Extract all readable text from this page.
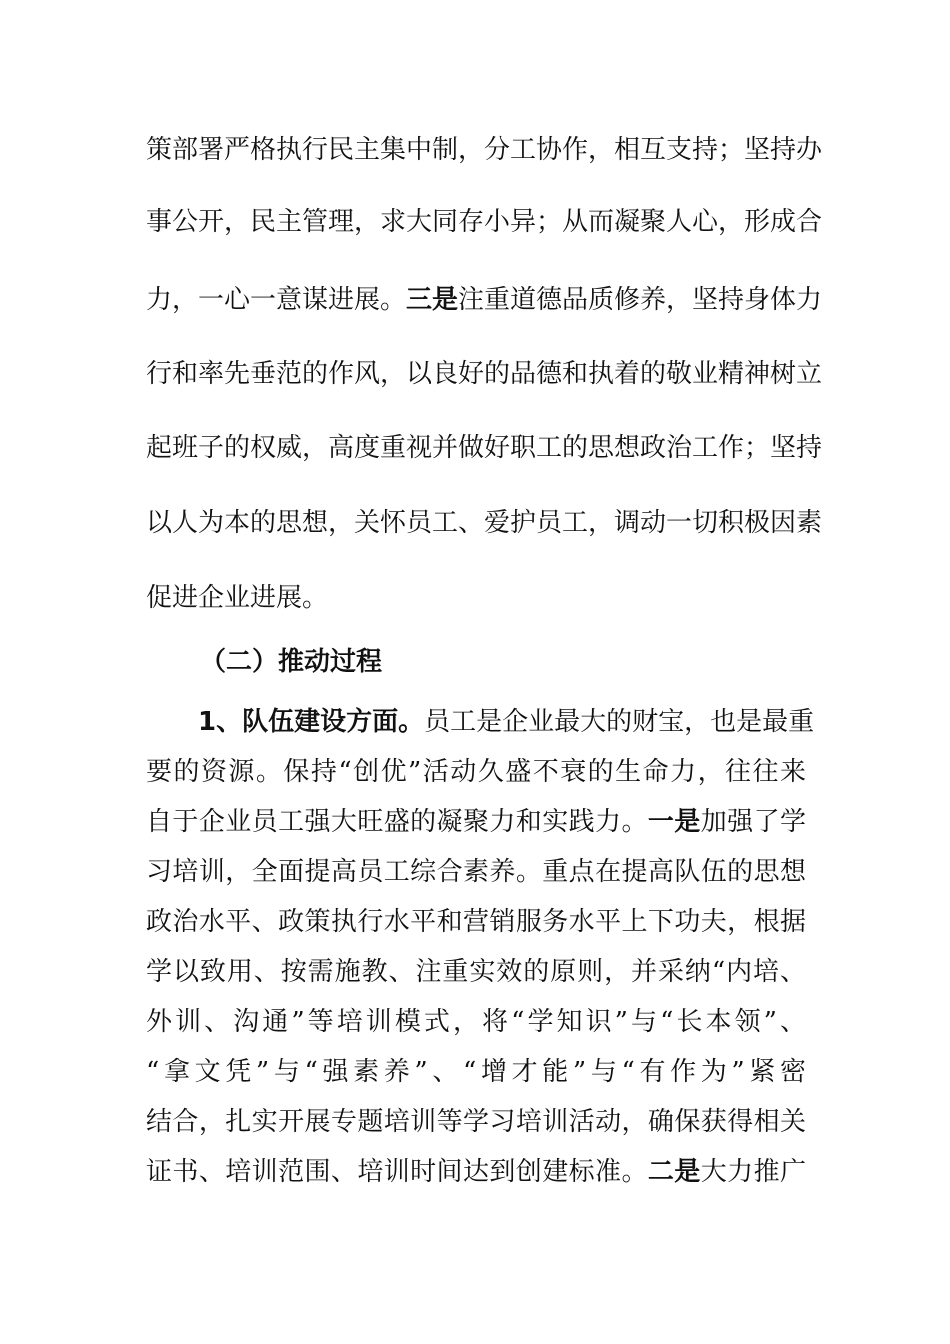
策部署严格执行民主集中制，分工协作，相互支持；坚持办
事公开，民主管理，求大同存小异；从而凝聚人心，形成合
力，一心一意谋进展。三是注重道德品质修养，坚持身体力
行和率先垂范的作风，以良好的品德和执着的敬业精神树立
起班子的权威，高度重视并做好职工的思想政治工作；坚持
以人为本的思想，关怀员工、爱护员工，调动一切积极因素
促进企业进展。
（二）推动过程
1、队伍建设方面。员工是企业最大的财宝，也是最重
要的资源。保持“创优”活动久盛不衰的生命力，往往来
自于企业员工强大旺盛的凝聚力和实践力。一是加强了学
习培训，全面提高员工综合素养。重点在提高队伍的思想
政治水平、政策执行水平和营销服务水平上下功夫，根据
学以致用、按需施教、注重实效的原则，并采纳“内培、
外训、沟通”等培训模式，将“学知识”与“长本领”、
“拿文凭”与“强素养”、“增才能”与“有作为”紧密
结合，扎实开展专题培训等学习培训活动，确保获得相关
证书、培训范围、培训时间达到创建标准。二是大力推广
